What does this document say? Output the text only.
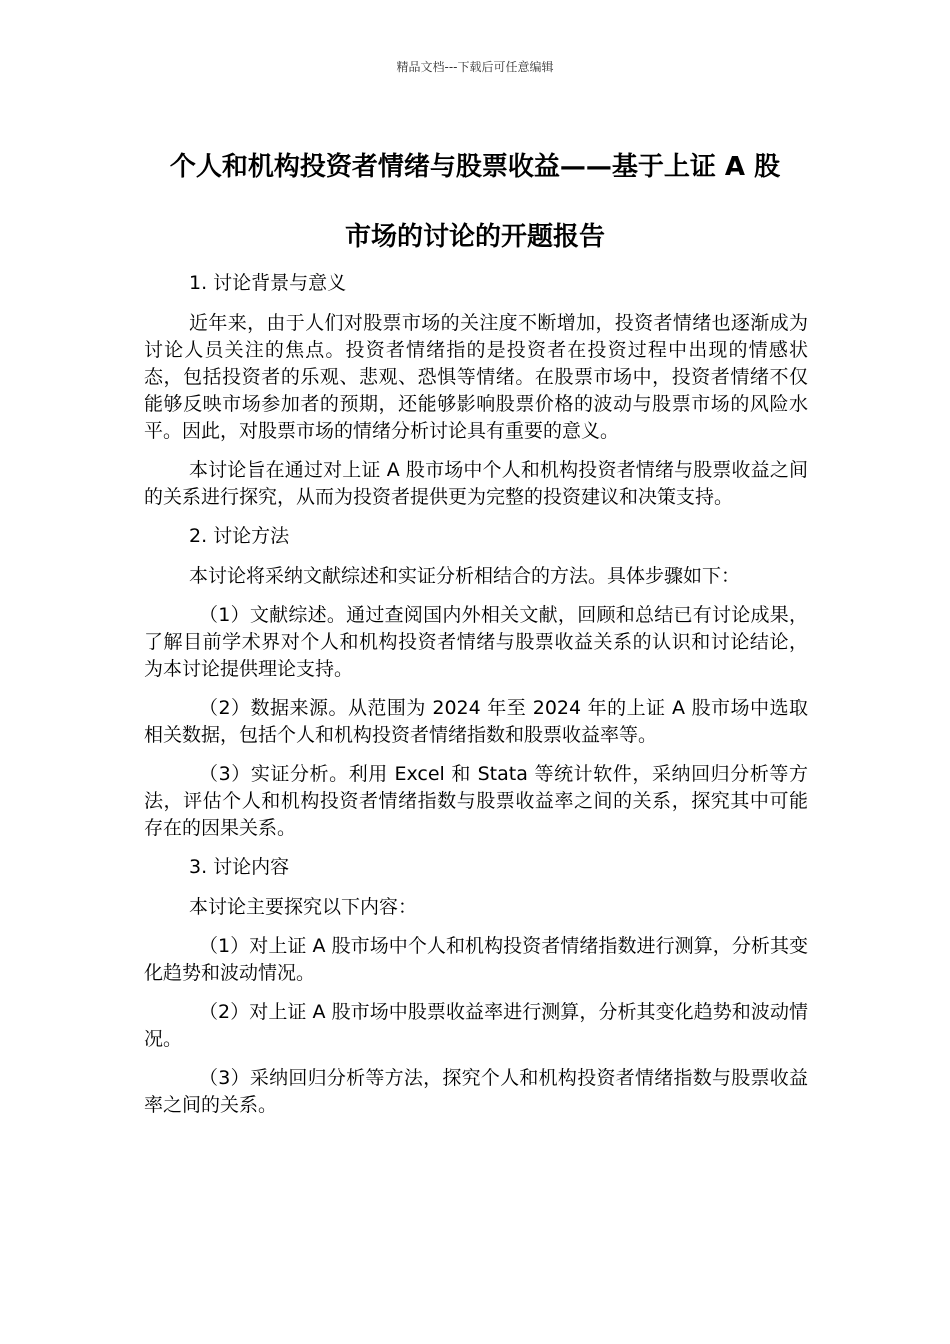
精品文档---下载后可任意编辑
个人和机构投资者情绪与股票收益——基于上证 A 股
市场的讨论的开题报告

1. 讨论背景与意义

近年来，由于人们对股票市场的关注度不断增加，投资者情绪也逐渐成为讨论人员关注的焦点。投资者情绪指的是投资者在投资过程中出现的情感状态，包括投资者的乐观、悲观、恐惧等情绪。在股票市场中，投资者情绪不仅能够反映市场参加者的预期，还能够影响股票价格的波动与股票市场的风险水平。因此，对股票市场的情绪分析讨论具有重要的意义。

本讨论旨在通过对上证 A 股市场中个人和机构投资者情绪与股票收益之间的关系进行探究，从而为投资者提供更为完整的投资建议和决策支持。

2. 讨论方法

本讨论将采纳文献综述和实证分析相结合的方法。具体步骤如下：

（1）文献综述。通过查阅国内外相关文献，回顾和总结已有讨论成果，了解目前学术界对个人和机构投资者情绪与股票收益关系的认识和讨论结论，为本讨论提供理论支持。

（2）数据来源。从范围为 2024 年至 2024 年的上证 A 股市场中选取相关数据，包括个人和机构投资者情绪指数和股票收益率等。

（3）实证分析。利用 Excel 和 Stata 等统计软件，采纳回归分析等方法，评估个人和机构投资者情绪指数与股票收益率之间的关系，探究其中可能存在的因果关系。

3. 讨论内容

本讨论主要探究以下内容：

（1）对上证 A 股市场中个人和机构投资者情绪指数进行测算，分析其变化趋势和波动情况。

（2）对上证 A 股市场中股票收益率进行测算，分析其变化趋势和波动情况。

（3）采纳回归分析等方法，探究个人和机构投资者情绪指数与股票收益率之间的关系。
